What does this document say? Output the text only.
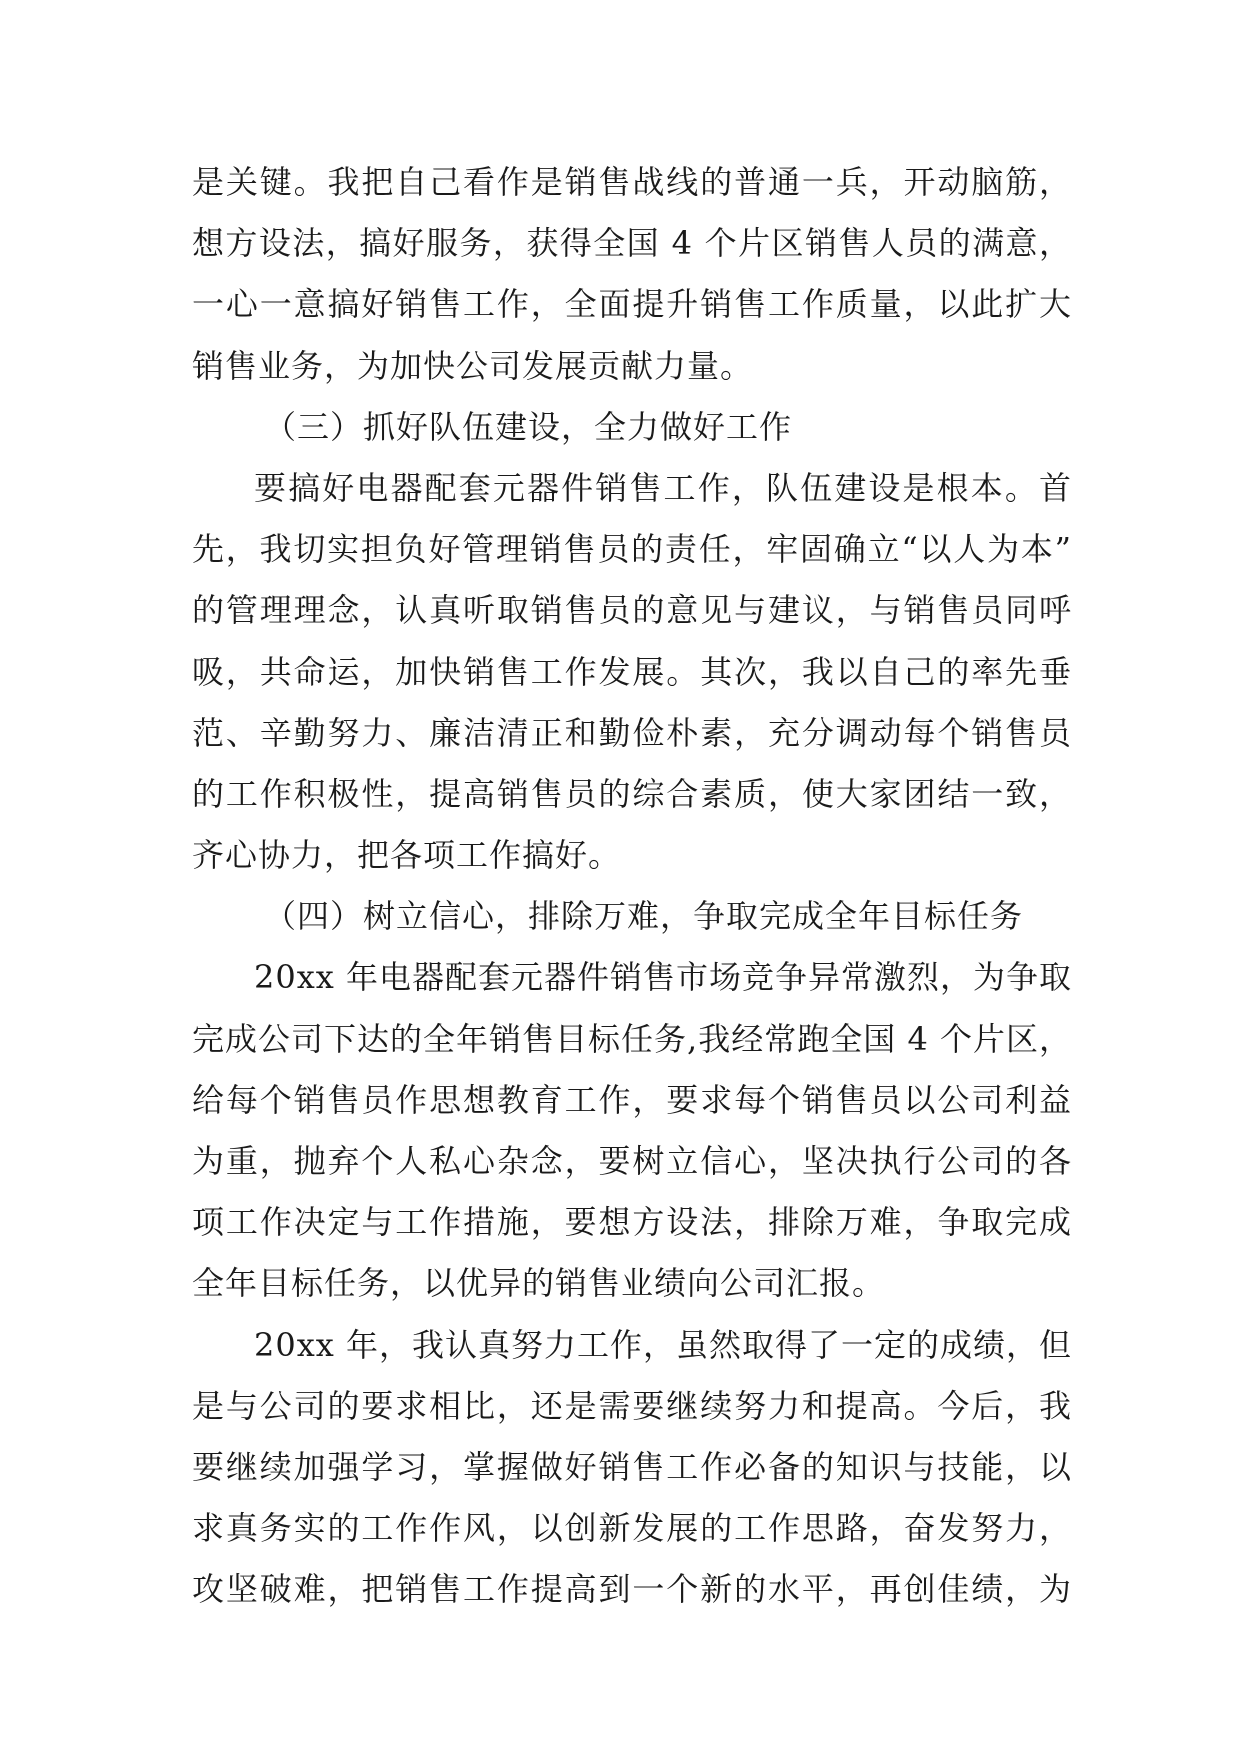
是关键。我把自己看作是销售战线的普通一兵，开动脑筋，
想方设法，搞好服务，获得全国 4 个片区销售人员的满意，
一心一意搞好销售工作，全面提升销售工作质量，以此扩大
销售业务，为加快公司发展贡献力量。
（三）抓好队伍建设，全力做好工作
要搞好电器配套元器件销售工作，队伍建设是根本。首
先，我切实担负好管理销售员的责任，牢固确立“以人为本”
的管理理念，认真听取销售员的意见与建议，与销售员同呼
吸，共命运，加快销售工作发展。其次，我以自己的率先垂
范、辛勤努力、廉洁清正和勤俭朴素，充分调动每个销售员
的工作积极性，提高销售员的综合素质，使大家团结一致，
齐心协力，把各项工作搞好。
（四）树立信心，排除万难，争取完成全年目标任务
20xx 年电器配套元器件销售市场竞争异常激烈，为争取
完成公司下达的全年销售目标任务,我经常跑全国 4 个片区，
给每个销售员作思想教育工作，要求每个销售员以公司利益
为重，抛弃个人私心杂念，要树立信心，坚决执行公司的各
项工作决定与工作措施，要想方设法，排除万难，争取完成
全年目标任务，以优异的销售业绩向公司汇报。
20xx 年，我认真努力工作，虽然取得了一定的成绩，但
是与公司的要求相比，还是需要继续努力和提高。今后，我
要继续加强学习，掌握做好销售工作必备的知识与技能，以
求真务实的工作作风，以创新发展的工作思路，奋发努力，
攻坚破难，把销售工作提高到一个新的水平，再创佳绩，为
